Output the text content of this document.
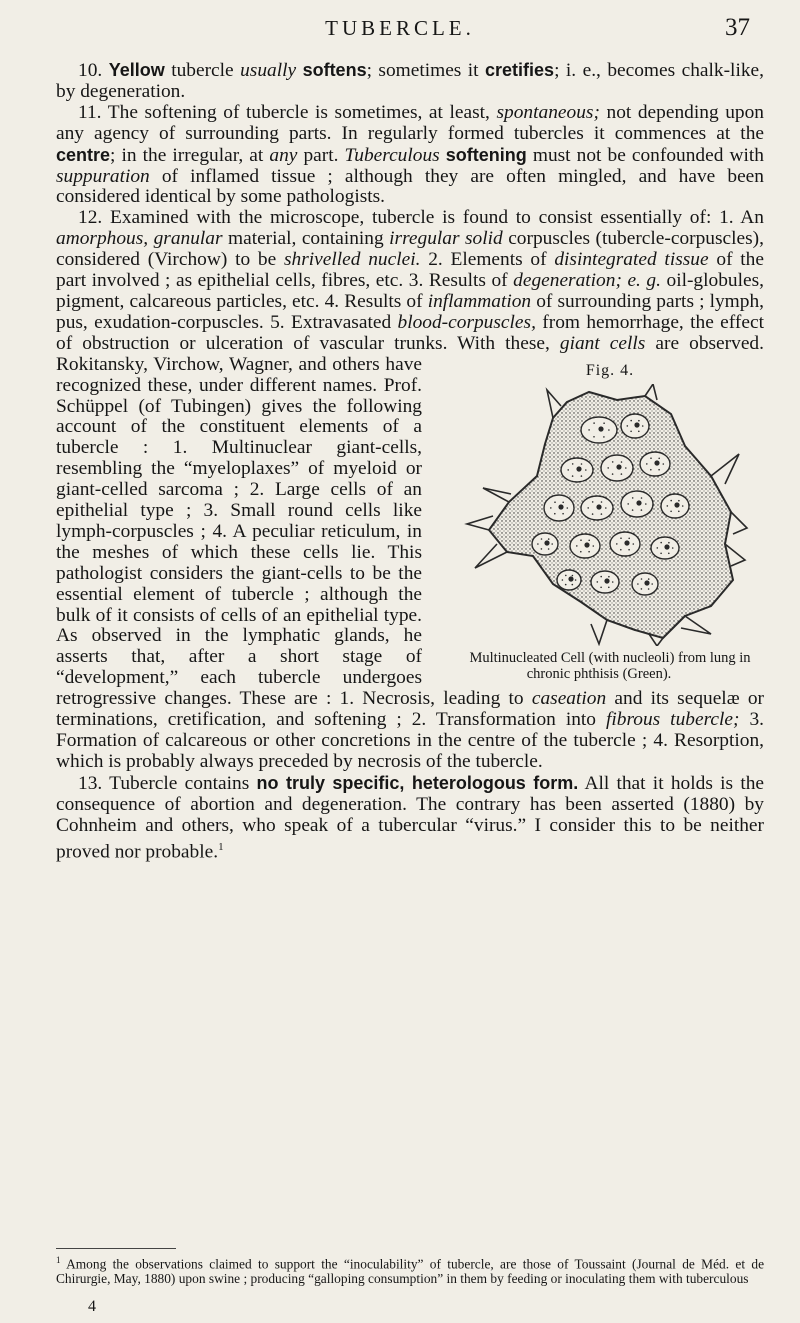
TUBERCLE.	37

10. Yellow tubercle usually softens; sometimes it cretifies; i. e., becomes chalk-like, by degeneration.

11. The softening of tubercle is sometimes, at least, spontaneous; not depending upon any agency of surrounding parts. In regularly formed tubercles it commences at the centre; in the irregular, at any part. Tuberculous softening must not be confounded with suppuration of inflamed tissue ; although they are often mingled, and have been considered identical by some pathologists.

12. Examined with the microscope, tubercle is found to consist essentially of: 1. An amorphous, granular material, containing irregular solid corpuscles (tubercle-corpuscles), considered (Virchow) to be shrivelled nuclei. 2. Elements of disintegrated tissue of the part involved ; as epithelial cells, fibres, etc. 3. Results of degeneration; e. g. oil-globules, pigment, calcareous particles, etc. 4. Results of inflammation of surrounding parts ; lymph, pus, exudation-corpuscles. 5. Extravasated blood-corpuscles, from hemorrhage, the effect of obstruction or ulceration of vascular trunks. With these, giant cells
Fig. 4.
Multinucleated Cell (with nucleoli) from lung in chronic phthisis (Green).
are observed. Rokitansky, Virchow, Wagner, and others have recognized these, under different names. Prof. Schüppel (of Tubingen) gives the following account of the constituent elements of a tubercle : 1. Multinuclear giant-cells, resembling the “myeloplaxes” of myeloid or giant-celled sarcoma ; 2. Large cells of an epithelial type ; 3. Small round cells like lymph-corpuscles ; 4. A peculiar reticulum, in the meshes of which these cells lie. This pathologist considers the giant-cells to be the essential element of tubercle ; although the bulk of it consists of cells of an epithelial type. As observed in the lymphatic glands, he asserts that, after a short stage of “development,” each tubercle undergoes retrogressive changes. These are : 1. Necrosis, leading to caseation and its sequelæ or terminations, cretification, and softening ; 2. Transformation into fibrous tubercle; 3. Formation of calcareous or other concretions in the centre of the tubercle ; 4. Resorption, which is probably always preceded by necrosis of the tubercle.

13. Tubercle contains no truly specific, heterologous form. All that it holds is the consequence of abortion and degeneration. The contrary has been asserted (1880) by Cohnheim and others, who speak of a tubercular “virus.” I consider this to be neither proved nor probable.$^1$

$^1$ Among the observations claimed to support the “inoculability” of tubercle, are those of Toussaint (Journal de Méd. et de Chirurgie, May, 1880) upon swine ; producing “galloping consumption” in them by feeding or inoculating them with tuberculous
4
